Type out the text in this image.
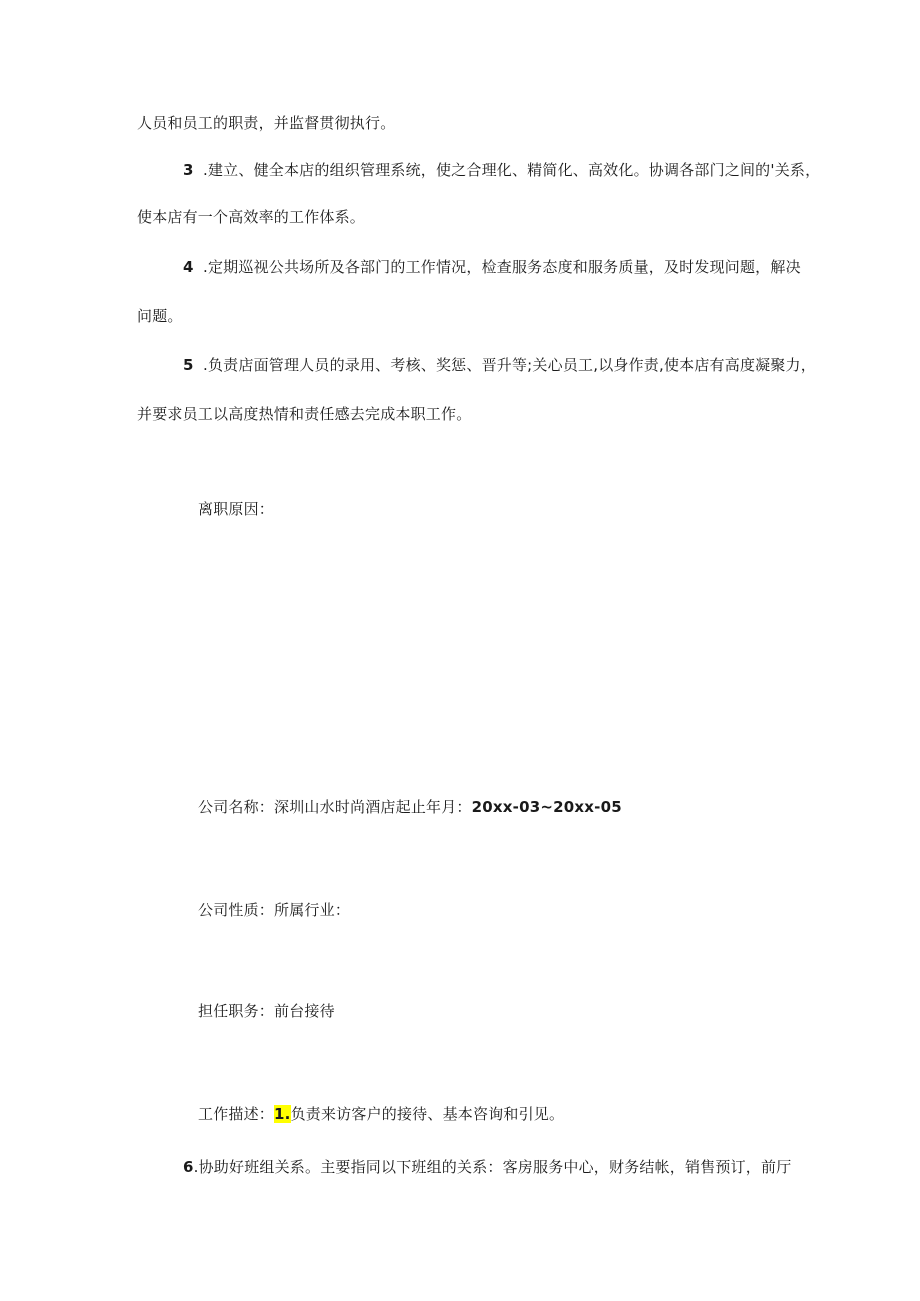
人员和员工的职责，并监督贯彻执行。
3 .建立、健全本店的组织管理系统，使之合理化、精简化、高效化。协调各部门之间的'关系，
使本店有一个高效率的工作体系。
4 .定期巡视公共场所及各部门的工作情况，检查服务态度和服务质量，及时发现问题，解决
问题。
5 .负责店面管理人员的录用、考核、奖惩、晋升等;关心员工,以身作责,使本店有高度凝聚力，
并要求员工以高度热情和责任感去完成本职工作。
离职原因：
公司名称：深圳山水时尚酒店起止年月：20xx-03~20xx-05
公司性质：所属行业：
担任职务：前台接待
工作描述：1.负责来访客户的接待、基本咨询和引见。
6.协助好班组关系。主要指同以下班组的关系：客房服务中心，财务结帐，销售预订，前厅
